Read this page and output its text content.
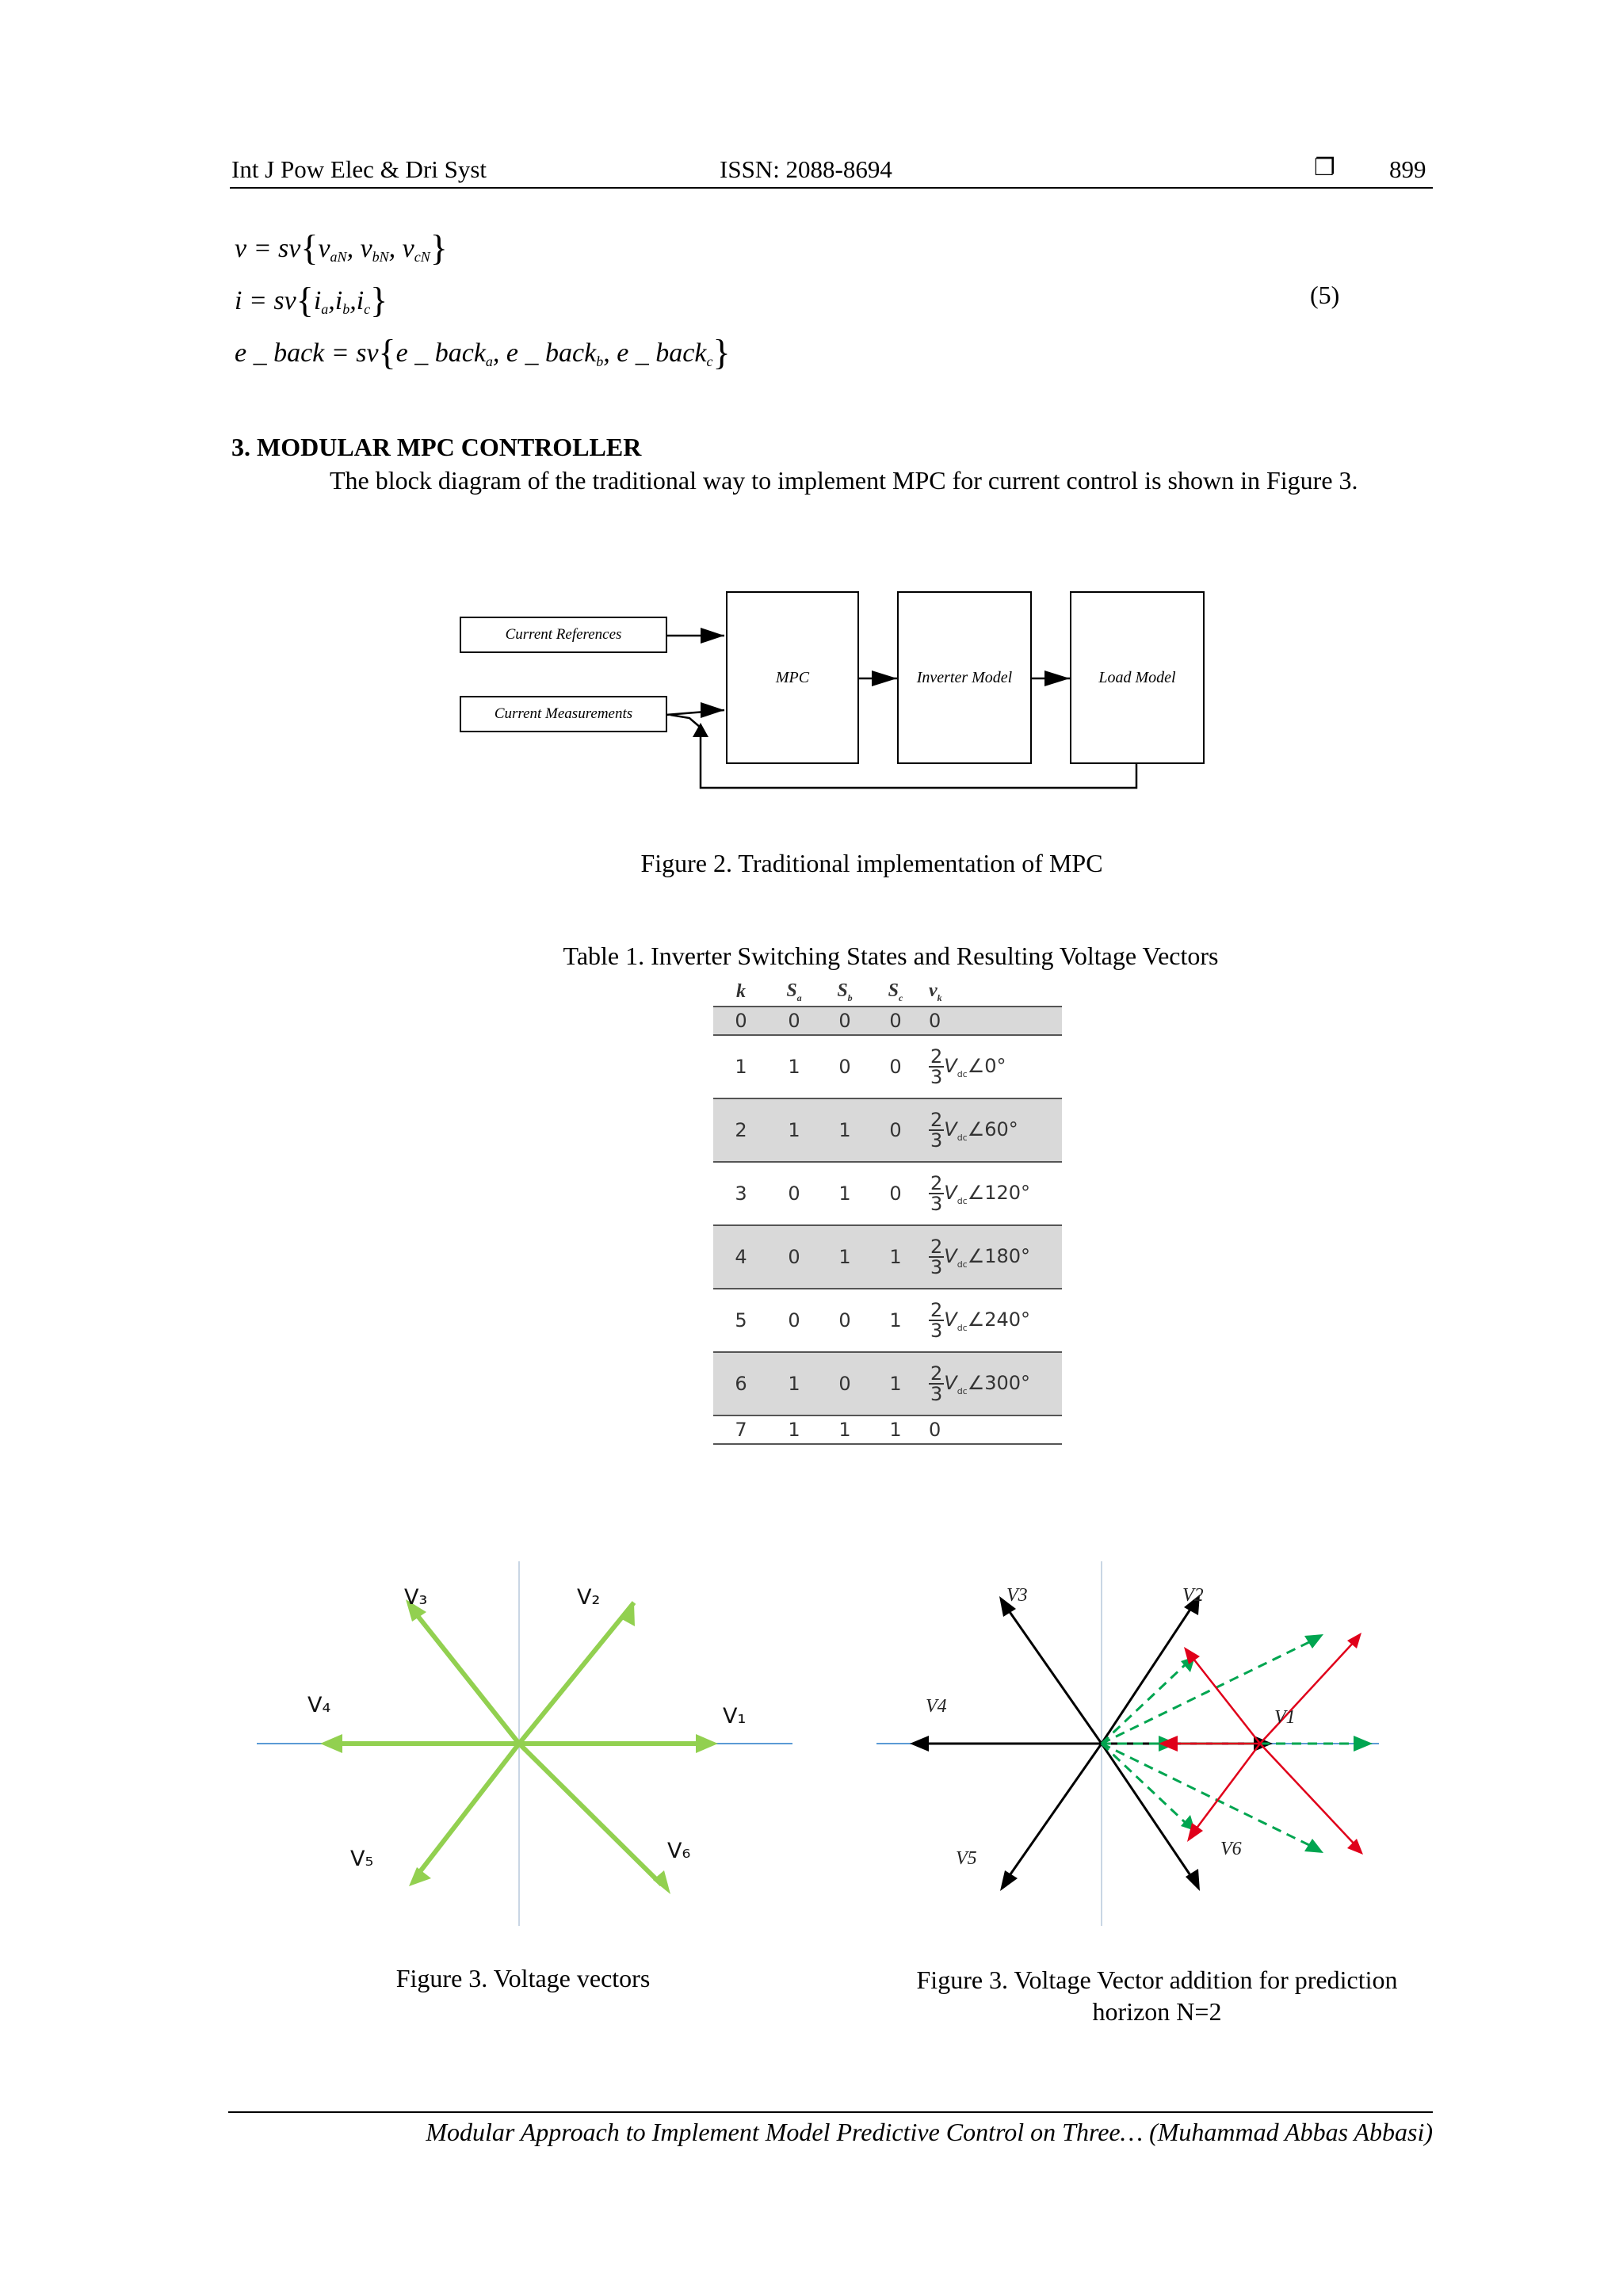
Int J Pow Elec & Dri Syst	ISSN: 2088-8694	❐ 899
$v = sv\{v_{aN}$, $v_{bN}$, $v_{cN}$}
$i = sv\{i_a,i_b,i_c\}$
e _ back = sv{e _ back$_a$, e _ back$_b$, e _ back$_c$}
(5)
3. MODULAR MPC CONTROLLER
The block diagram of the traditional way to implement MPC for current control is shown in Figure 3.
Current References
Current Measurements
MPC	Inverter Model	Load Model
Figure 2. Traditional implementation of MPC
Table 1. Inverter Switching States and Resulting Voltage Vectors
k	$S_a$	$S_b$	$S_c$	$v_k$
0	0	0	0	0
1	1	0	0	$\frac{2}{3}$ $V_{dc}\angle 0^\circ$
2	1	1	0	$\frac{2}{3}$ $V_{dc}\angle 60^\circ$
3	0	1	0	$\frac{2}{3}$ $V_{dc}\angle 120^\circ$
4	0	1	1	$\frac{2}{3}$ $V_{dc}\angle 180^\circ$
5	0	0	1	$\frac{2}{3}$ $V_{dc}\angle 240^\circ$
6	1	0	1	$\frac{2}{3}$ $V_{dc}\angle 300^\circ$
7	1	1	1	0
V₁
V₂
V₃
V₄
V₅	V₆
Figure 3. Voltage vectors
V1
V2
V3
V4
V5	V6
Figure 3. Voltage Vector addition for prediction
horizon N=2
Modular Approach to Implement Model Predictive Control on Three… (Muhammad Abbas Abbasi)
